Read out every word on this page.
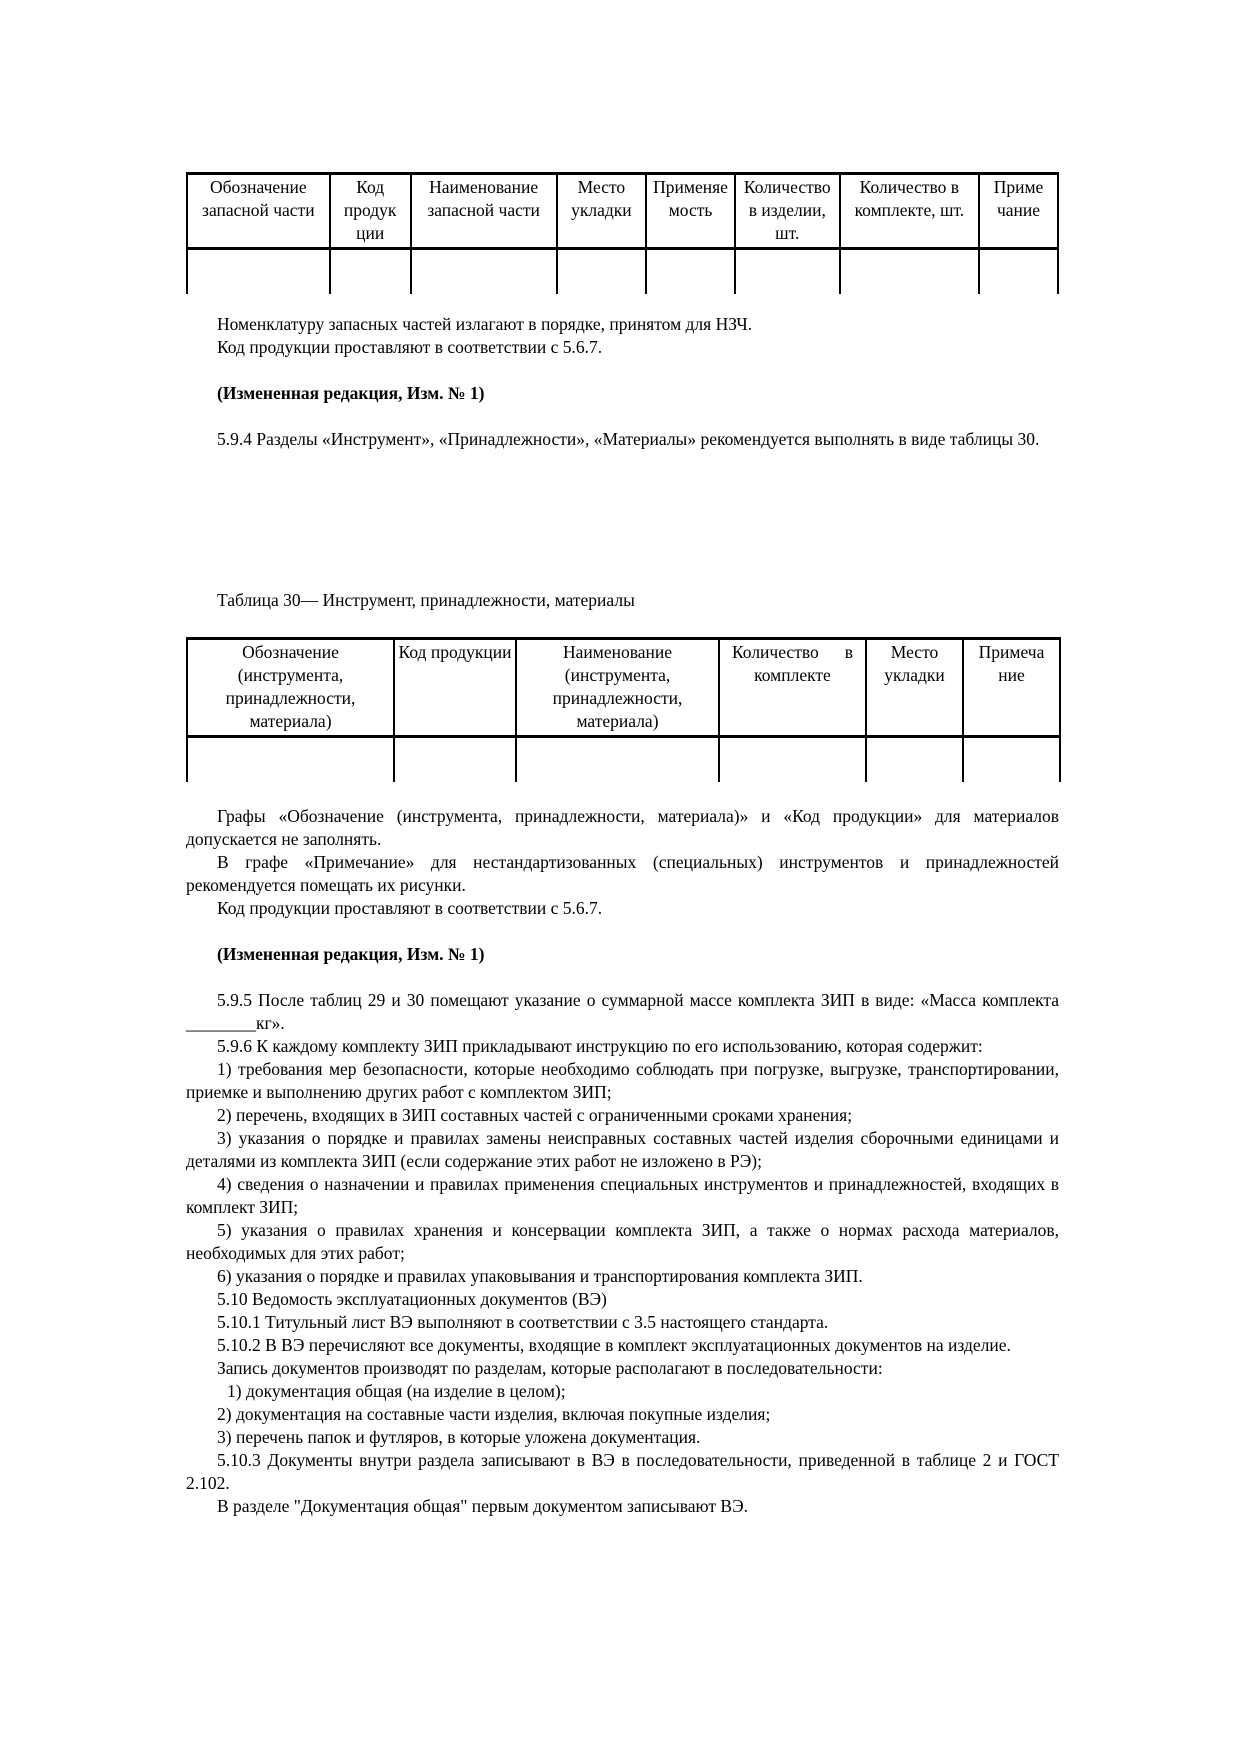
Обозначение запасной части	Код продук ции	Наименование запасной части	Место укладки	Применяе мость	Количество в изделии, шт.	Количество в комплекте, шт.	Приме чание

Номенклатуру запасных частей излагают в порядке, принятом для НЗЧ.

Код продукции проставляют в соответствии с 5.6.7.

(Измененная редакция, Изм. № 1)

5.9.4 Разделы «Инструмент», «Принадлежности», «Материалы» рекомендуется выполнять в виде таблицы 30.

Таблица 30— Инструмент, принадлежности, материалы
Обозначение (инструмента, принадлежности, материала)	Код продукции	Наименование (инструмента, принадлежности, материала)	Количество в комплекте	Место укладки	Примеча ние

Графы «Обозначение (инструмента, принадлежности, материала)» и «Код продукции» для материалов допускается не заполнять.

В графе «Примечание» для нестандартизованных (специальных) инструментов и принадлежностей рекомендуется помещать их рисунки.

Код продукции проставляют в соответствии с 5.6.7.

(Измененная редакция, Изм. № 1)

5.9.5 После таблиц 29 и 30 помещают указание о суммарной массе комплекта ЗИП в виде: «Масса комплекта ________кг».

5.9.6 К каждому комплекту ЗИП прикладывают инструкцию по его использованию, которая содержит:

1) требования мер безопасности, которые необходимо соблюдать при погрузке, выгрузке, транспортировании, приемке и выполнению других работ с комплектом ЗИП;

2) перечень, входящих в ЗИП составных частей с ограниченными сроками хранения;

3) указания о порядке и правилах замены неисправных составных частей изделия сборочными единицами и деталями из комплекта ЗИП (если содержание этих работ не изложено в РЭ);

4) сведения о назначении и правилах применения специальных инструментов и принадлежностей, входящих в комплект ЗИП;

5) указания о правилах хранения и консервации комплекта ЗИП, а также о нормах расхода материалов, необходимых для этих работ;

6) указания о порядке и правилах упаковывания и транспортирования комплекта ЗИП.

5.10 Ведомость эксплуатационных документов (ВЭ)

5.10.1 Титульный лист ВЭ выполняют в соответствии с 3.5 настоящего стандарта.

5.10.2 В ВЭ перечисляют все документы, входящие в комплект эксплуатационных документов на изделие.

Запись документов производят по разделам, которые располагают в последовательности:

1) документация общая (на изделие в целом);

2) документация на составные части изделия, включая покупные изделия;

3) перечень папок и футляров, в которые уложена документация.

5.10.3 Документы внутри раздела записывают в ВЭ в последовательности, приведенной в таблице 2 и ГОСТ 2.102.

В разделе "Документация общая" первым документом записывают ВЭ.
